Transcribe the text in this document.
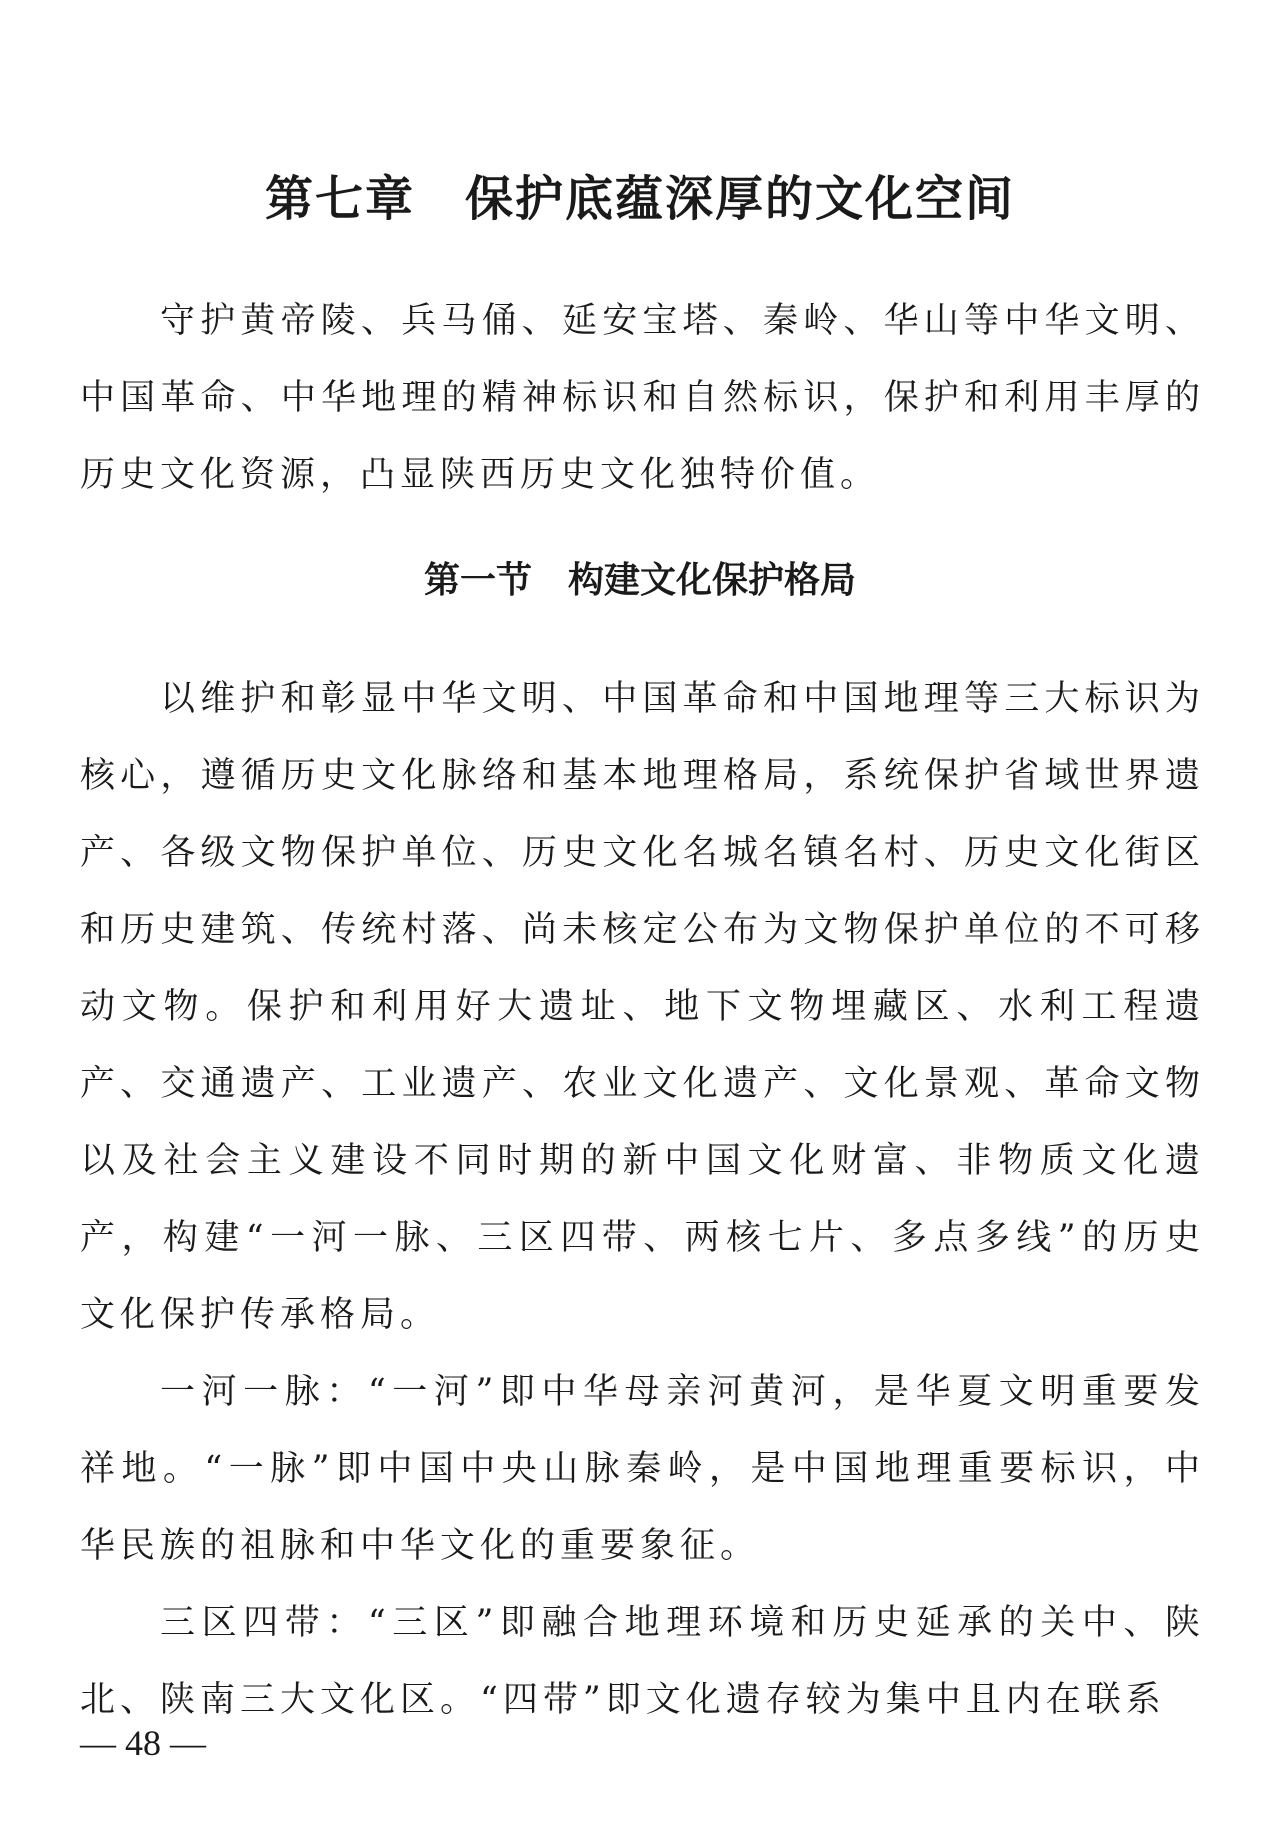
第七章　保护底蕴深厚的文化空间

守护黄帝陵、兵马俑、延安宝塔、秦岭、华山等中华文明、中国革命、中华地理的精神标识和自然标识，保护和利用丰厚的历史文化资源，凸显陕西历史文化独特价值。

第一节　构建文化保护格局

以维护和彰显中华文明、中国革命和中国地理等三大标识为核心，遵循历史文化脉络和基本地理格局，系统保护省域世界遗产、各级文物保护单位、历史文化名城名镇名村、历史文化街区和历史建筑、传统村落、尚未核定公布为文物保护单位的不可移动文物。保护和利用好大遗址、地下文物埋藏区、水利工程遗产、交通遗产、工业遗产、农业文化遗产、文化景观、革命文物以及社会主义建设不同时期的新中国文化财富、非物质文化遗产，构建“一河一脉、三区四带、两核七片、多点多线”的历史文化保护传承格局。

一河一脉：“一河”即中华母亲河黄河，是华夏文明重要发祥地。“一脉”即中国中央山脉秦岭，是中国地理重要标识，中华民族的祖脉和中华文化的重要象征。

三区四带：“三区”即融合地理环境和历史延承的关中、陕北、陕南三大文化区。“四带”即文化遗存较为集中且内在联系

— 48 —
